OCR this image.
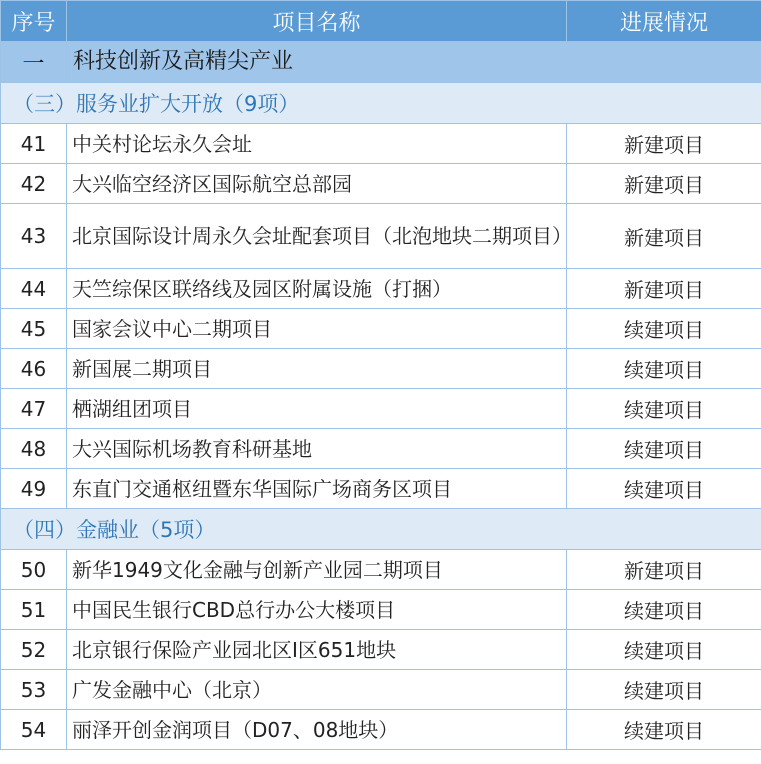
序号	项目名称	进展情况
一	科技创新及高精尖产业	
（三）服务业扩大开放（9项）		
41	中关村论坛永久会址	新建项目
42	大兴临空经济区国际航空总部园	新建项目
43	北京国际设计周永久会址配套项目（北泡地块二期项目）	新建项目
44	天竺综保区联络线及园区附属设施（打捆）	新建项目
45	国家会议中心二期项目	续建项目
46	新国展二期项目	续建项目
47	栖湖组团项目	续建项目
48	大兴国际机场教育科研基地	续建项目
49	东直门交通枢纽暨东华国际广场商务区项目	续建项目
（四）金融业（5项）		
50	新华1949文化金融与创新产业园二期项目	新建项目
51	中国民生银行CBD总行办公大楼项目	续建项目
52	北京银行保险产业园北区I区651地块	续建项目
53	广发金融中心（北京）	续建项目
54	丽泽开创金润项目（D07、08地块）	续建项目
